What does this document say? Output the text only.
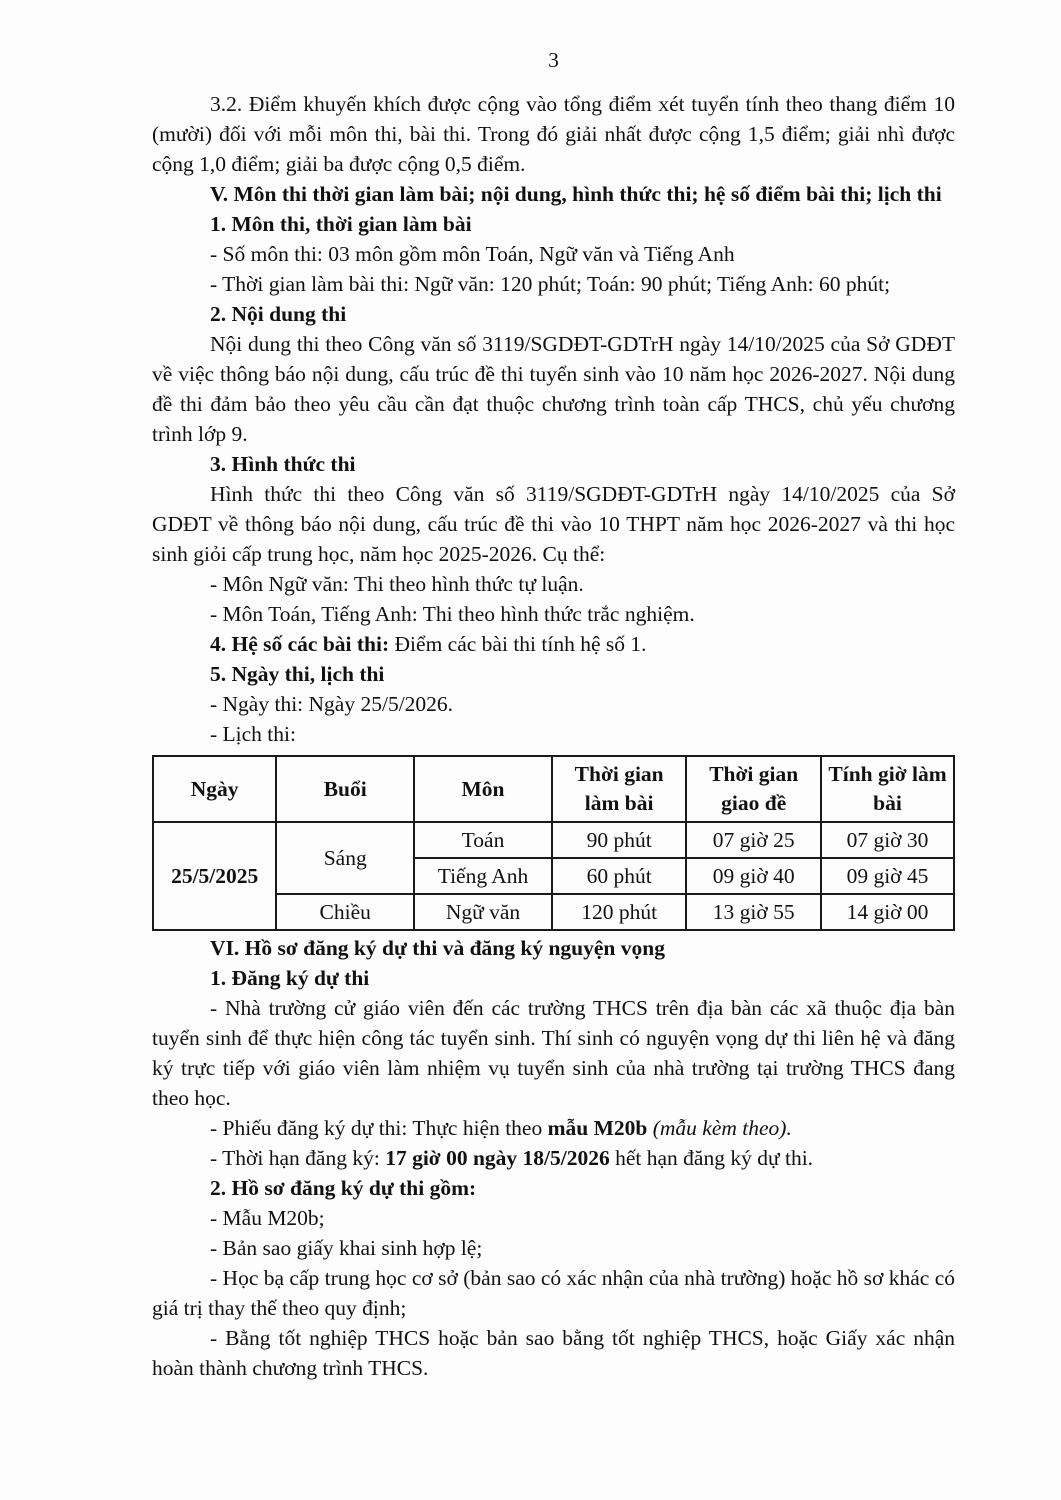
3

3.2. Điểm khuyến khích được cộng vào tổng điểm xét tuyển tính theo thang điểm 10 (mười) đối với mỗi môn thi, bài thi. Trong đó giải nhất được cộng 1,5 điểm; giải nhì được cộng 1,0 điểm; giải ba được cộng 0,5 điểm.

V. Môn thi thời gian làm bài; nội dung, hình thức thi; hệ số điểm bài thi; lịch thi

1. Môn thi, thời gian làm bài

- Số môn thi: 03 môn gồm môn Toán, Ngữ văn và Tiếng Anh

- Thời gian làm bài thi: Ngữ văn: 120 phút; Toán: 90 phút; Tiếng Anh: 60 phút;

2. Nội dung thi

Nội dung thi theo Công văn số 3119/SGDĐT-GDTrH ngày 14/10/2025 của Sở GDĐT về việc thông báo nội dung, cấu trúc đề thi tuyển sinh vào 10 năm học 2026-2027. Nội dung đề thi đảm bảo theo yêu cầu cần đạt thuộc chương trình toàn cấp THCS, chủ yếu chương trình lớp 9.

3. Hình thức thi

Hình thức thi theo Công văn số 3119/SGDĐT-GDTrH ngày 14/10/2025 của Sở GDĐT về thông báo nội dung, cấu trúc đề thi vào 10 THPT năm học 2026-2027 và thi học sinh giỏi cấp trung học, năm học 2025-2026. Cụ thể:

- Môn Ngữ văn: Thi theo hình thức tự luận.

- Môn Toán, Tiếng Anh: Thi theo hình thức trắc nghiệm.

4. Hệ số các bài thi: Điểm các bài thi tính hệ số 1.

5. Ngày thi, lịch thi

- Ngày thi: Ngày 25/5/2026.

- Lịch thi:

Ngày	Buổi	Môn	Thời gian làm bài	Thời gian giao đề	Tính giờ làm bài
25/5/2025	Sáng	Toán	90 phút	07 giờ 25	07 giờ 30
		Tiếng Anh	60 phút	09 giờ 40	09 giờ 45
	Chiều	Ngữ văn	120 phút	13 giờ 55	14 giờ 00

VI. Hồ sơ đăng ký dự thi và đăng ký nguyện vọng

1. Đăng ký dự thi

- Nhà trường cử giáo viên đến các trường THCS trên địa bàn các xã thuộc địa bàn tuyển sinh để thực hiện công tác tuyển sinh. Thí sinh có nguyện vọng dự thi liên hệ và đăng ký trực tiếp với giáo viên làm nhiệm vụ tuyển sinh của nhà trường tại trường THCS đang theo học.

- Phiếu đăng ký dự thi: Thực hiện theo mẫu M20b (mẫu kèm theo).

- Thời hạn đăng ký: 17 giờ 00 ngày 18/5/2026 hết hạn đăng ký dự thi.

2. Hồ sơ đăng ký dự thi gồm:

- Mẫu M20b;

- Bản sao giấy khai sinh hợp lệ;

- Học bạ cấp trung học cơ sở (bản sao có xác nhận của nhà trường) hoặc hồ sơ khác có giá trị thay thế theo quy định;

- Bằng tốt nghiệp THCS hoặc bản sao bằng tốt nghiệp THCS, hoặc Giấy xác nhận hoàn thành chương trình THCS.
